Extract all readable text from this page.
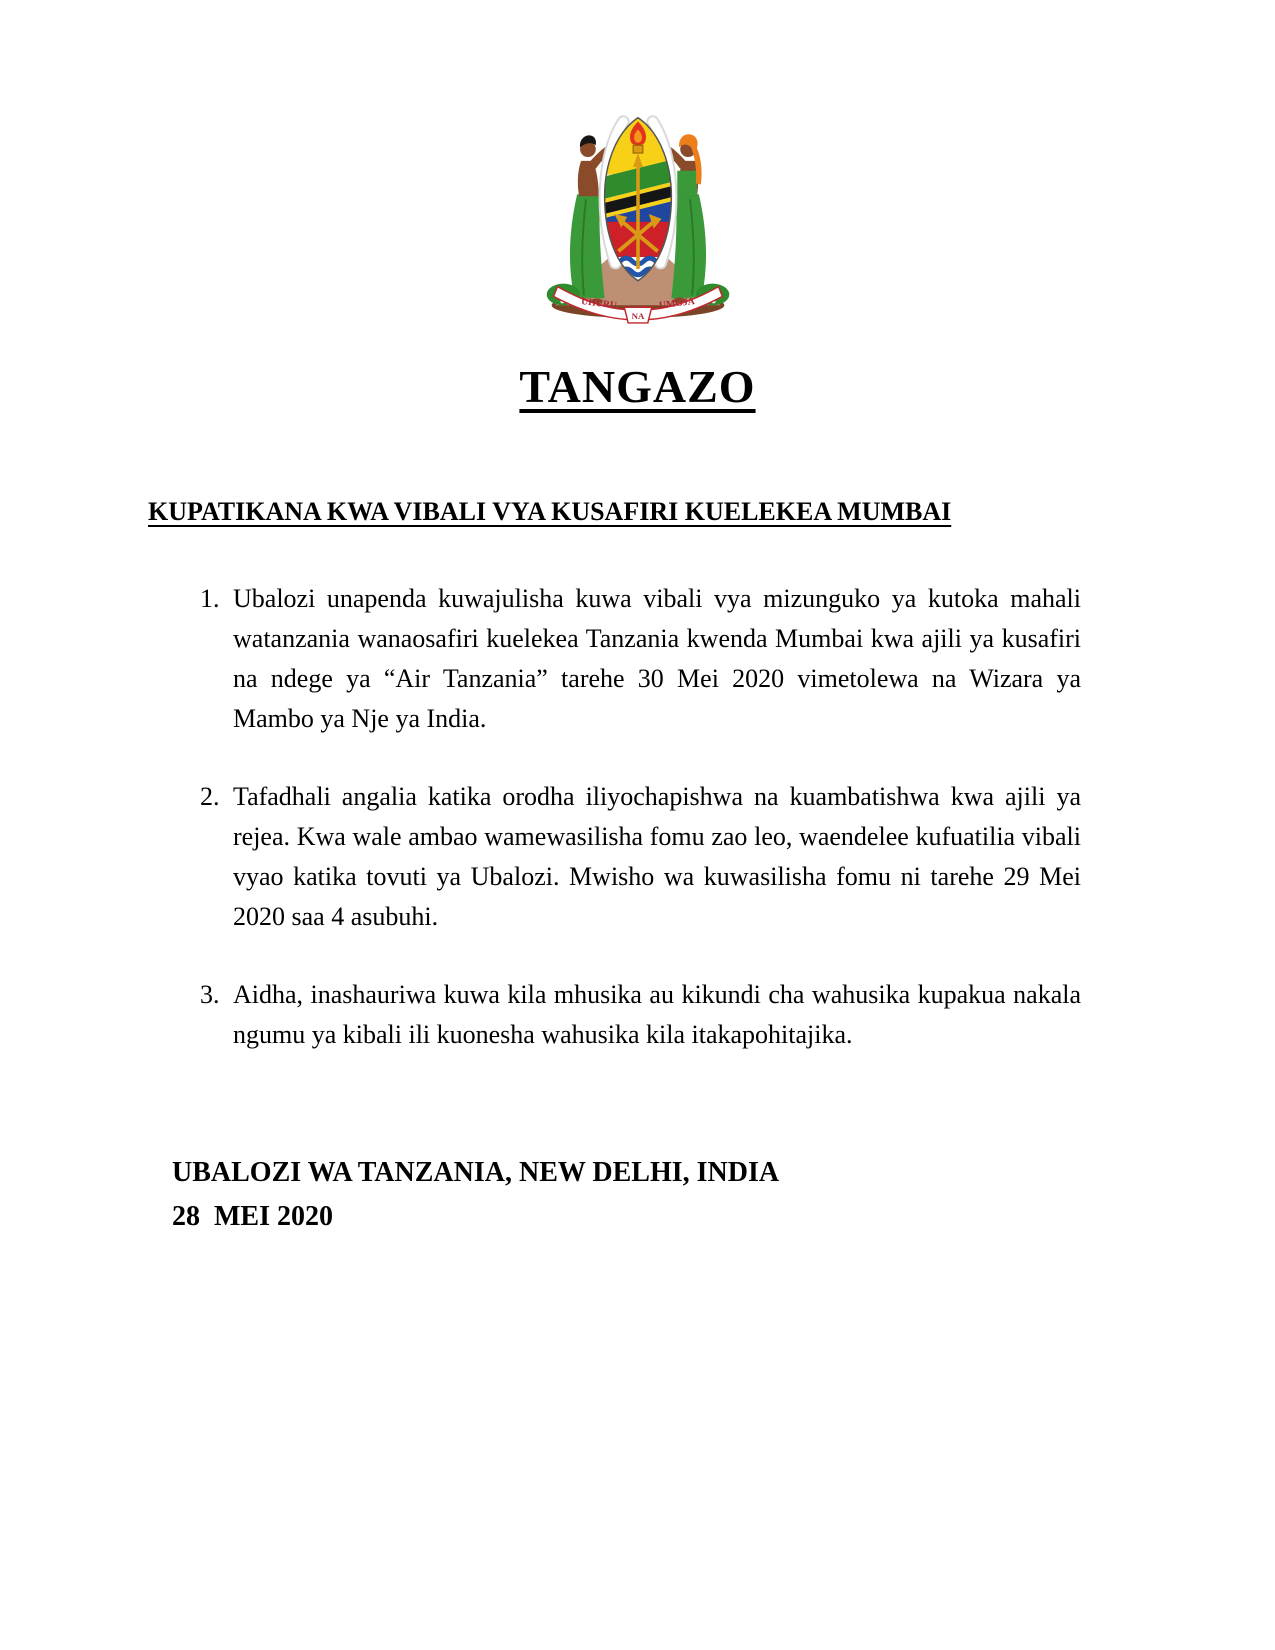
UHURU
NA
UMOJA
TANGAZO
KUPATIKANA KWA VIBALI VYA KUSAFIRI KUELEKEA MUMBAI
1. Ubalozi unapenda kuwajulisha kuwa vibali vya mizunguko ya kutoka mahali watanzania wanaosafiri kuelekea Tanzania kwenda Mumbai kwa ajili ya kusafiri na ndege ya “Air Tanzania” tarehe 30 Mei 2020 vimetolewa na Wizara ya Mambo ya Nje ya India.
2. Tafadhali angalia katika orodha iliyochapishwa na kuambatishwa kwa ajili ya rejea. Kwa wale ambao wamewasilisha fomu zao leo, waendelee kufuatilia vibali vyao katika tovuti ya Ubalozi. Mwisho wa kuwasilisha fomu ni tarehe 29 Mei 2020 saa 4 asubuhi.
3. Aidha, inashauriwa kuwa kila mhusika au kikundi cha wahusika kupakua nakala ngumu ya kibali ili kuonesha wahusika kila itakapohitajika.
UBALOZI WA TANZANIA, NEW DELHI, INDIA
28  MEI 2020
